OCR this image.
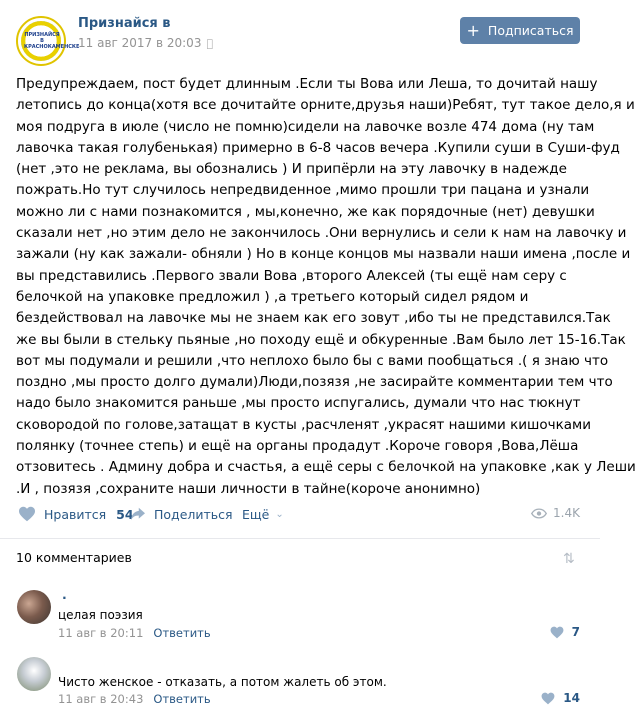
ПРИЗНАЙСЯ В КРАСНОКАМЕНСКЕ
Признайся в
11 авг 2017 в 20:03
+ Подписаться
Предупреждаем, пост будет длинным .Если ты Вова или Леша, то дочитай нашу
летопись до конца(хотя все дочитайте орните,друзья наши)Ребят, тут такое дело,я и
моя подруга в июле (число не помню)сидели на лавочке возле 474 дома (ну там
лавочка такая голубенькая) примерно в 6-8 часов вечера .Купили суши в Суши-фуд
(нет ,это не реклама, вы обознались ) И припёрли на эту лавочку в надежде
пожрать.Но тут случилось непредвиденное ,мимо прошли три пацана и узнали
можно ли с нами познакомится , мы,конечно, же как порядочные (нет) девушки
сказали нет ,но этим дело не закончилось .Они вернулись и сели к нам на лавочку и
зажали (ну как зажали- обняли ) Но в конце концов мы назвали наши имена ,после и
вы представились .Первого звали Вова ,второго Алексей (ты ещё нам серу с
белочкой на упаковке предложил ) ,а третьего который сидел рядом и
бездействовал на лавочке мы не знаем как его зовут ,ибо ты не представился.Так
же вы были в стельку пьяные ,но походу ещё и обкуренные .Вам было лет 15-16.Так
вот мы подумали и решили ,что неплохо было бы с вами пообщаться .( я знаю что
поздно ,мы просто долго думали)Люди,позязя ,не засирайте комментарии тем что
надо было знакомится раньше ,мы просто испугались, думали что нас тюкнут
сковородой по голове,затащат в кусты ,расчленят ,украсят нашими кишочками
полянку (точнее степь) и ещё на органы продадут .Короче говоря ,Вова,Лёша
отзовитесь . Админу добра и счастья, а ещё серы с белочкой на упаковке ,как у Леши
.И , позязя ,сохраните наши личности в тайне(короче анонимно)
Нравится 54 Поделиться Ещё ⌄	1.4K
10 комментариев	⇅
.
целая поэзия
11 авг в 20:11 Ответить	7
Чисто женское - отказать, а потом жалеть об этом.
11 авг в 20:43 Ответить	14
